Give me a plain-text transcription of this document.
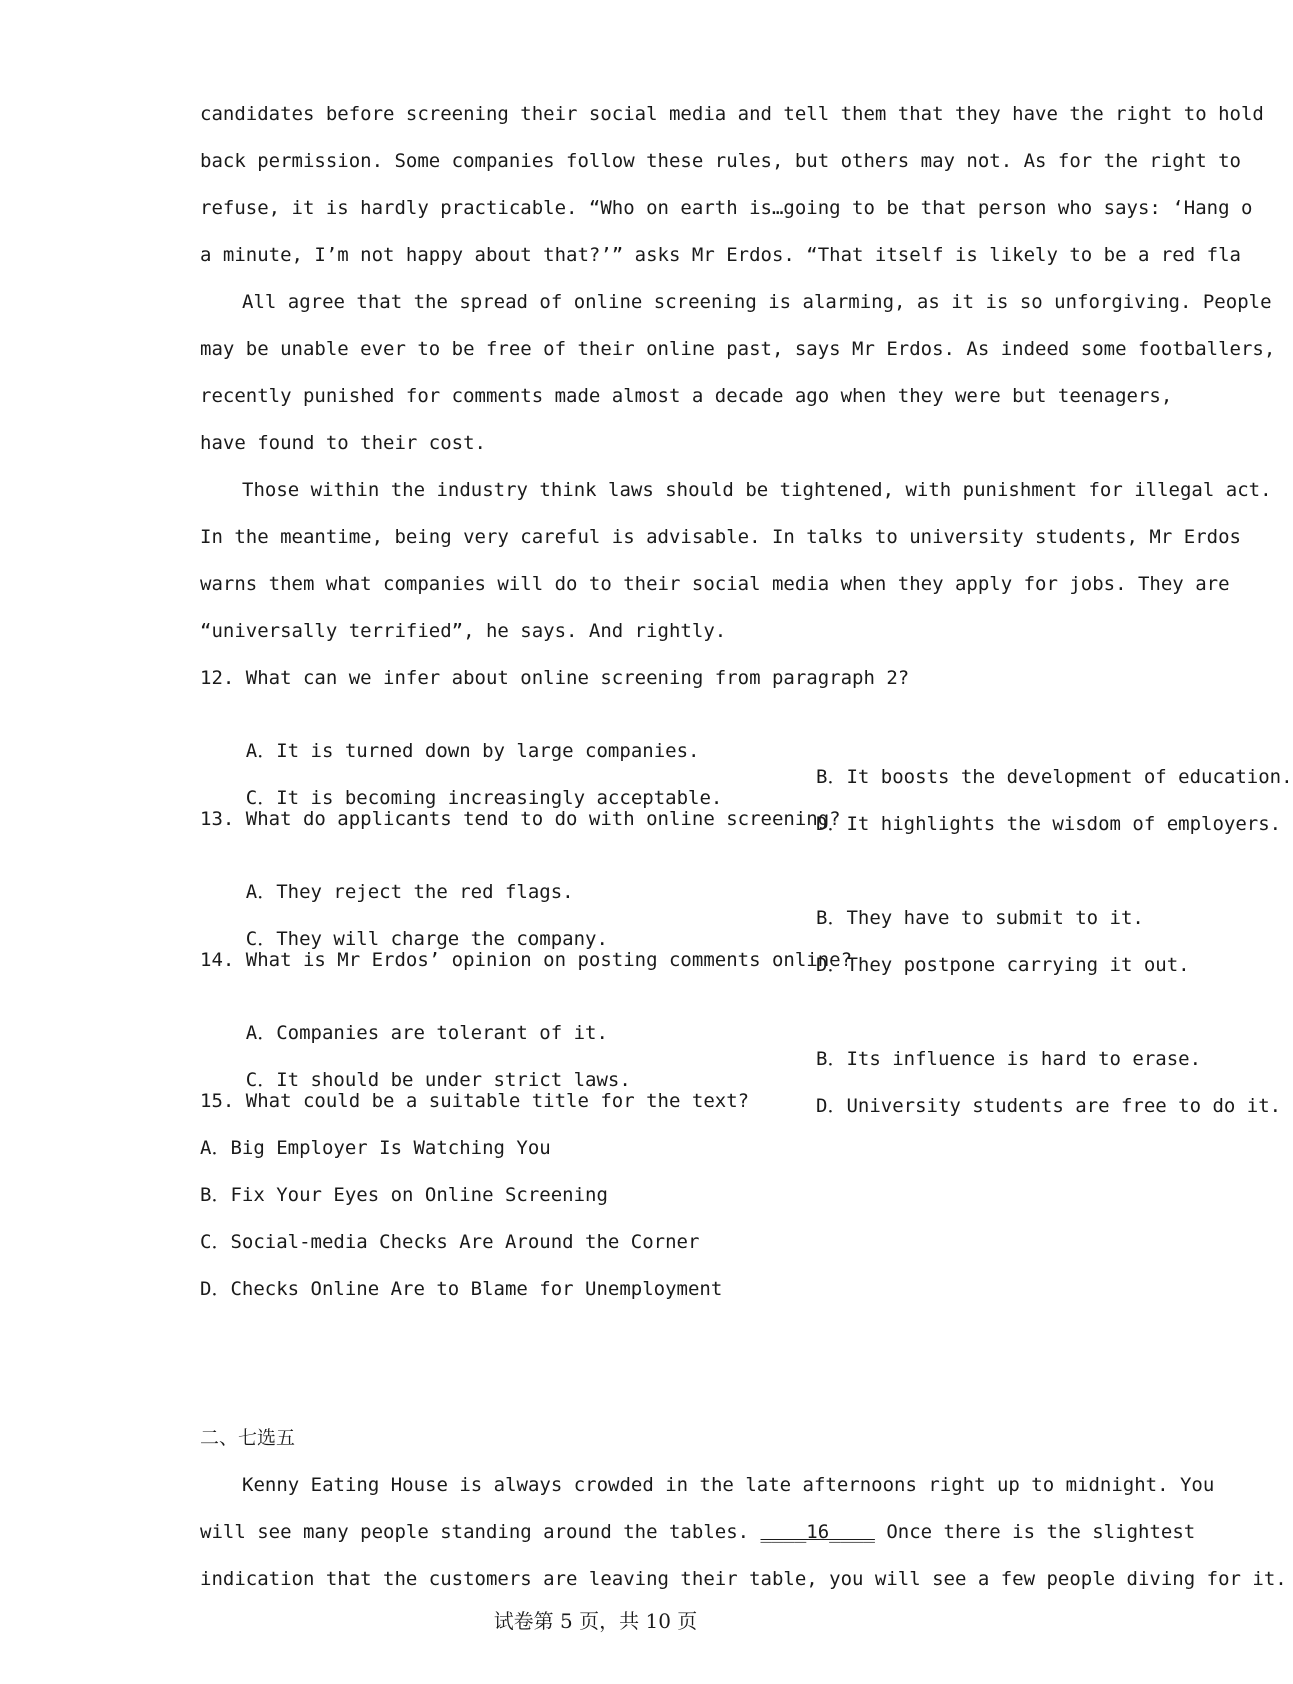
candidates before screening their social media and tell them that they have the right to hold
back permission. Some companies follow these rules, but others may not. As for the right to
refuse, it is hardly practicable. “Who on earth is…going to be that person who says: ‘Hang o
a minute, I’m not happy about that?’” asks Mr Erdos. “That itself is likely to be a red fla
All agree that the spread of online screening is alarming, as it is so unforgiving. People
may be unable ever to be free of their online past, says Mr Erdos. As indeed some footballers,
recently punished for comments made almost a decade ago when they were but teenagers,
have found to their cost.
Those within the industry think laws should be tightened, with punishment for illegal act.
In the meantime, being very careful is advisable. In talks to university students, Mr Erdos
warns them what companies will do to their social media when they apply for jobs. They are
“universally terrified”, he says. And rightly.
12. What can we infer about online screening from paragraph 2?

A．It is turned down by large companies.

B．It boosts the development of education.

C．It is becoming increasingly acceptable.

D．It highlights the wisdom of employers.

13. What do applicants tend to do with online screening?

A．They reject the red flags.

B．They have to submit to it.

C．They will charge the company.

D．They postpone carrying it out.

14. What is Mr Erdos’ opinion on posting comments online?

A．Companies are tolerant of it.

B．Its influence is hard to erase.

C．It should be under strict laws.

D．University students are free to do it.

15. What could be a suitable title for the text?
A．Big Employer Is Watching You
B．Fix Your Eyes on Online Screening
C．Social-media Checks Are Around the Corner
D．Checks Online Are to Blame for Unemployment
二、七选五
Kenny Eating House is always crowded in the late afternoons right up to midnight. You
will see many people standing around the tables. ____16____ Once there is the slightest
indication that the customers are leaving their table, you will see a few people diving for it.
试卷第 5 页，共 10 页
